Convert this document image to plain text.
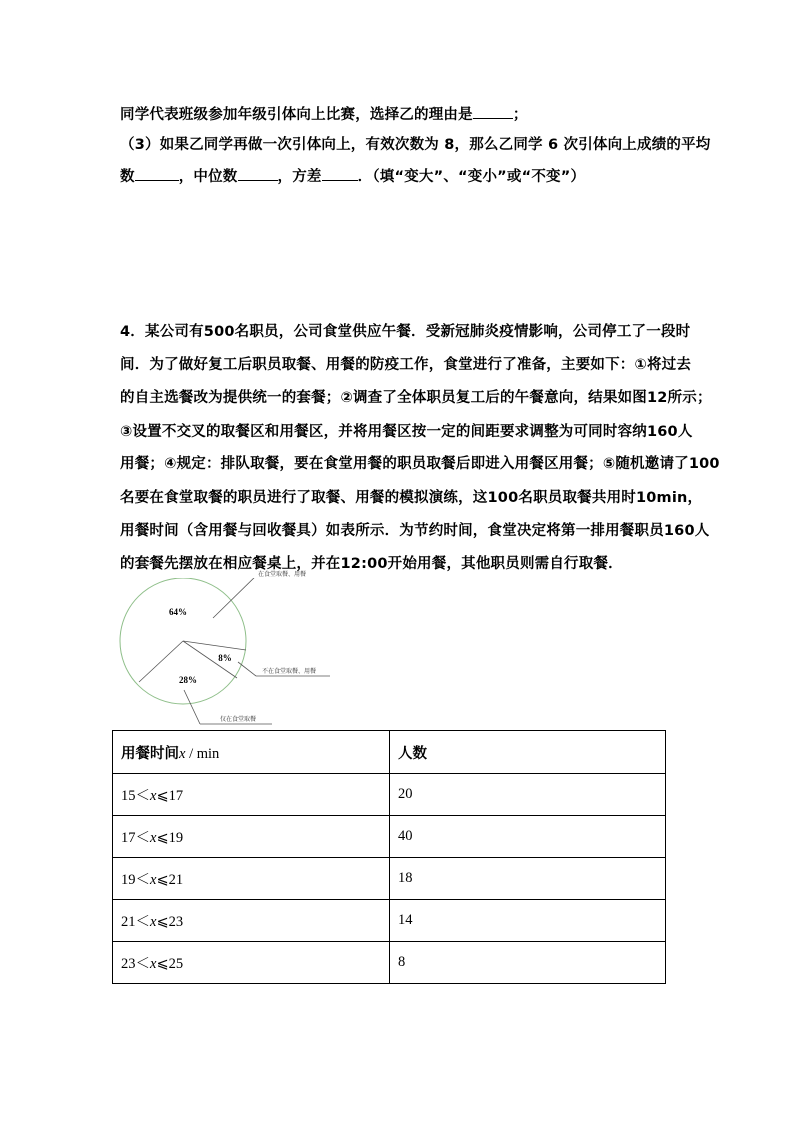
同学代表班级参加年级引体向上比赛，选择乙的理由是	；
（3）如果乙同学再做一次引体向上，有效次数为 8，那么乙同学 6 次引体向上成绩的平均
数	，中位数	，方差 ．（填“变大”、“变小”或“不变”）
4．某公司有500名职员，公司食堂供应午餐．受新冠肺炎疫情影响，公司停工了一段时
间．为了做好复工后职员取餐、用餐的防疫工作，食堂进行了准备，主要如下：①将过去
的自主选餐改为提供统一的套餐；②调查了全体职员复工后的午餐意向，结果如图12所示；
③设置不交叉的取餐区和用餐区，并将用餐区按一定的间距要求调整为可同时容纳160人
用餐；④规定：排队取餐，要在食堂用餐的职员取餐后即进入用餐区用餐；⑤随机邀请了100
名要在食堂取餐的职员进行了取餐、用餐的模拟演练，这100名职员取餐共用时10min，
用餐时间（含用餐与回收餐具）如表所示．为节约时间，食堂决定将第一排用餐职员160人
的套餐先摆放在相应餐桌上，并在12:00开始用餐，其他职员则需自行取餐．
64%
8%
28%
不在食堂取餐、用餐
仅在食堂取餐
在食堂取餐、用餐
用餐时间x / min	人数
15＜x⩽17	20
17＜x⩽19	40
19＜x⩽21	18
21＜x⩽23	14
23＜x⩽25	8
